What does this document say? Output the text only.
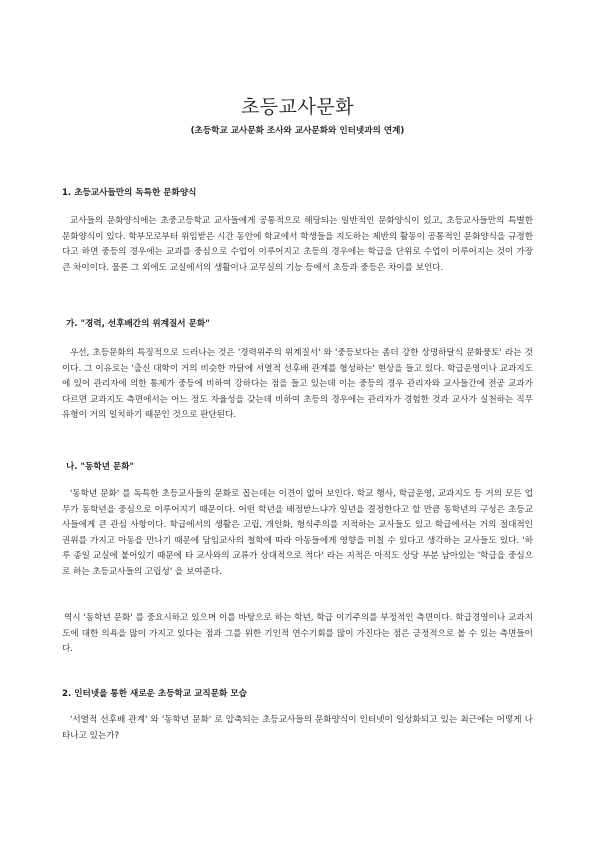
초등교사문화
(초등학교 교사문화 조사와 교사문화와 인터넷과의 연계)
1. 초등교사들만의 독특한 문화양식
교사들의 문화양식에는 초중고등학교 교사들에게 공통적으로 해당되는 일반적인 문화양식이 있고, 초등교사들만의 특별한 문화양식이 있다. 학부모로부터 위임받은 시간 동안에 학교에서 학생들을 지도하는 제반의 활동이 공통적인 문화양식을 규정한다고 하면 중등의 경우에는 교과를 중심으로 수업이 이루어지고 초등의 경우에는 학급을 단위로 수업이 이루어지는 것이 가장 큰 차이이다. 물론 그 외에도 교실에서의 생활이나 교무실의 기능 등에서 초등과 중등은 차이를 보인다.
가. "경력, 선후배간의 위계질서 문화"
우선, 초등문화의 특징적으로 드러나는 것은 '경력위주의 위계질서' 와 '중등보다는 좀더 강한 상명하달식 문화풍토' 라는 것이다. 그 이유로는 '출신 대학이 거의 비슷한 까닭에 서열적 선후배 관계를 형성하는' 현상을 들고 있다. 학급운영이나 교과지도에 있어 관리자에 의한 통제가 중등에 비하여 강하다는 점을 들고 있는데 이는 중등의 경우 관리자와 교사들간에 전공 교과가 다르면 교과지도 측면에서는 어느 정도 자율성을 갖는데 비하여 초등의 경우에는 관리자가 경험한 것과 교사가 실천하는 직무 유형이 거의 일치하기 때문인 것으로 판단된다.
나. "동학년 문화"
'동학년 문화' 를 독특한 초등교사들의 문화로 꼽는데는 이견이 없어 보인다. 학교 행사, 학급운영, 교과지도 등 거의 모든 업무가 동학년을 중심으로 이루어지기 때문이다. 어떤 학년을 배정받느냐가 일년을 결정한다고 할 만큼 동학년의 구성은 초등교사들에게 큰 관심 사항이다. 학급에서의 생활은 고립, 개인화, 형식주의를 지적하는 교사들도 있고 학급에서는 거의 절대적인 권위를 가지고 아동을 만나기 때문에 담임교사의 철학에 따라 아동들에게 영향을 미칠 수 있다고 생각하는 교사들도 있다. '하루 종일 교실에 붙어있기 때문에 타 교사와의 교류가 상대적으로 적다' 라는 지적은 아직도 상당 부분 남아있는 '학급을 중심으로 하는 초등교사들의 고립성' 을 보여준다.
역시 '동학년 문화' 를 중요시하고 있으며 이를 바탕으로 하는 학년, 학급 이기주의를 부정적인 측면이다. 학급경영이나 교과지도에 대한 의욕을 많이 가지고 있다는 점과 그를 위한 기인적 연수기회를 많이 가진다는 점은 긍정적으로 볼 수 있는 측면들이다.
2. 인터넷을 통한 새로운 초등학교 교직문화 모습
'서열적 선후배 관계' 와 '동학년 문화' 로 압축되는 초등교사들의 문화양식이 인터넷이 일상화되고 있는 최근에는 어떻게 나타나고 있는가?
